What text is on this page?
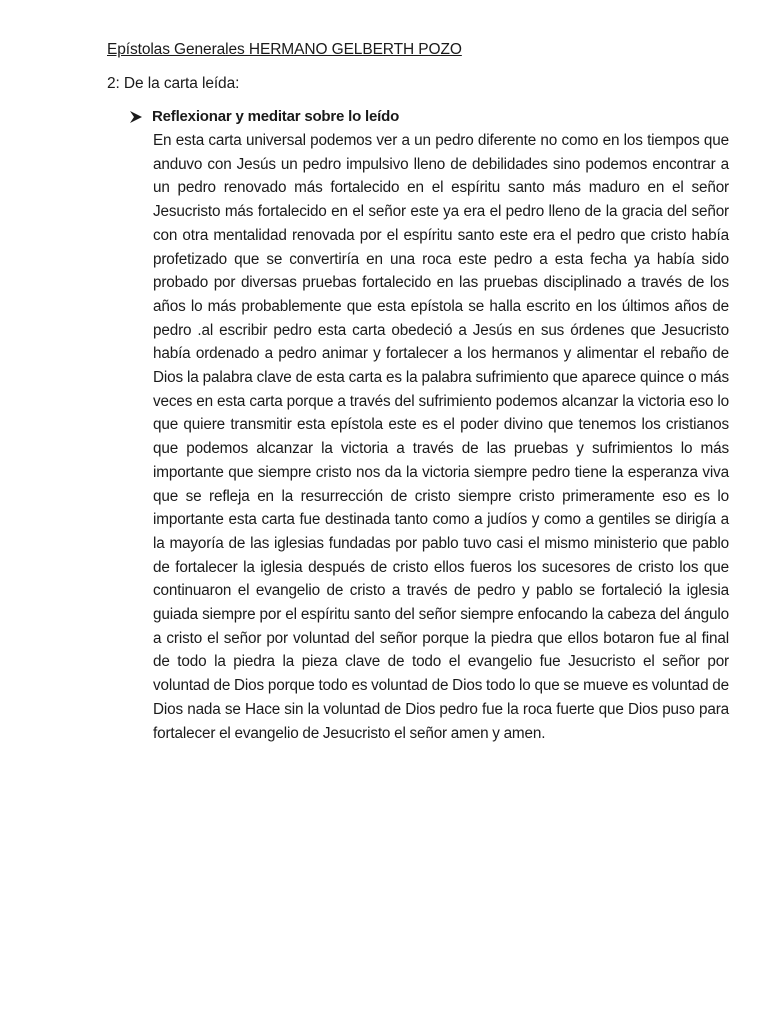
Epístolas Generales HERMANO GELBERTH POZO
2: De la carta leída:
Reflexionar y meditar sobre lo leído

En esta carta universal podemos ver a un pedro diferente no como en los tiempos que anduvo con Jesús un pedro impulsivo lleno de debilidades sino podemos encontrar a un pedro renovado más fortalecido en el espíritu santo más maduro en el señor Jesucristo más fortalecido en el señor este ya era el pedro lleno de la gracia del señor con otra mentalidad renovada por el espíritu santo este era el pedro que cristo había profetizado que se convertiría en una roca este pedro a esta fecha ya había sido probado por diversas pruebas fortalecido en las pruebas disciplinado a través de los años lo más probablemente que esta epístola se halla escrito en los últimos años de pedro .al escribir pedro esta carta obedeció a Jesús en sus órdenes que Jesucristo había ordenado a pedro animar y fortalecer a los hermanos y alimentar el rebaño de Dios la palabra clave de esta carta es la palabra sufrimiento que aparece quince o más veces en esta carta porque a través del sufrimiento podemos alcanzar la victoria eso lo que quiere transmitir esta epístola este es el poder divino que tenemos los cristianos que podemos alcanzar la victoria a través de las pruebas y sufrimientos lo más importante que siempre cristo nos da la victoria siempre pedro tiene la esperanza viva que se refleja en la resurrección de cristo siempre cristo primeramente eso es lo importante esta carta fue destinada tanto como a judíos y como a gentiles se dirigía a la mayoría de las iglesias fundadas por pablo tuvo casi el mismo ministerio que pablo de fortalecer la iglesia después de cristo ellos fueros los sucesores de cristo los que continuaron el evangelio de cristo a través de pedro y pablo se fortaleció la iglesia guiada siempre por el espíritu santo del señor siempre enfocando la cabeza del ángulo a cristo el señor por voluntad del señor porque la piedra que ellos botaron fue al final de todo la piedra la pieza clave de todo el evangelio fue Jesucristo el señor por voluntad de Dios porque todo es voluntad de Dios todo lo que se mueve es voluntad de Dios nada se Hace sin la voluntad de Dios pedro fue la roca fuerte que Dios puso para fortalecer el evangelio de Jesucristo el señor amen y amen.
